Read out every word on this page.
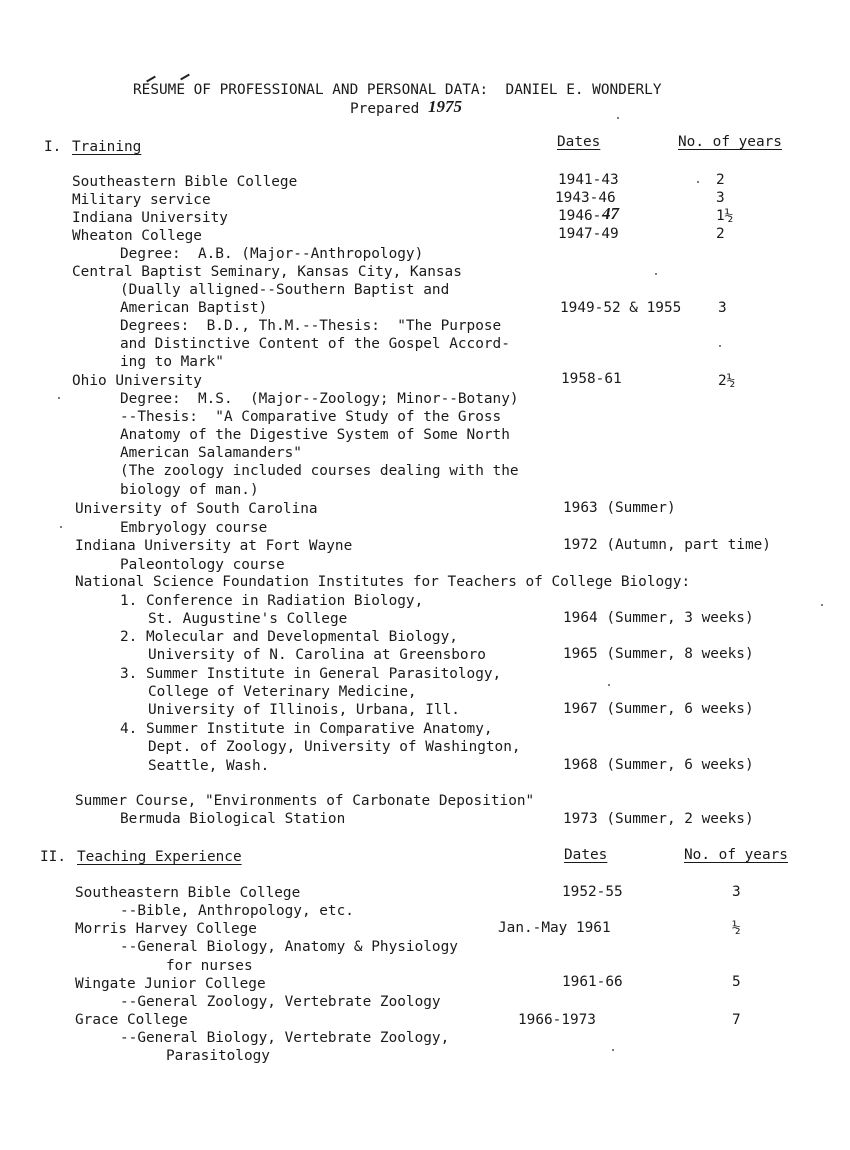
RESUME OF PROFESSIONAL AND PERSONAL DATA:  DANIEL E. WONDERLY
Prepared 1975
I. Training	Dates	No. of years
Southeastern Bible College	1941-43	2
Military service	1943-46	3
Indiana University	1946- 47	1½
Wheaton College	1947-49	2
Degree:  A.B. (Major--Anthropology)
Central Baptist Seminary, Kansas City, Kansas
(Dually alligned--Southern Baptist and
American Baptist)	1949-52 & 1955	3
Degrees:  B.D., Th.M.--Thesis:  "The Purpose
and Distinctive Content of the Gospel Accord-
ing to Mark"
Ohio University	1958-61	2½
Degree:  M.S.  (Major--Zoology; Minor--Botany)
--Thesis:  "A Comparative Study of the Gross
Anatomy of the Digestive System of Some North
American Salamanders"
(The zoology included courses dealing with the
biology of man.)
University of South Carolina	1963 (Summer)
Embryology course
Indiana University at Fort Wayne	1972 (Autumn, part time)
Paleontology course
National Science Foundation Institutes for Teachers of College Biology:
1. Conference in Radiation Biology,
St. Augustine's College	1964 (Summer, 3 weeks)
2. Molecular and Developmental Biology,
University of N. Carolina at Greensboro	1965 (Summer, 8 weeks)
3. Summer Institute in General Parasitology,
College of Veterinary Medicine,
University of Illinois, Urbana, Ill.	1967 (Summer, 6 weeks)
4. Summer Institute in Comparative Anatomy,
Dept. of Zoology, University of Washington,
Seattle, Wash.	1968 (Summer, 6 weeks)
Summer Course, "Environments of Carbonate Deposition"
Bermuda Biological Station	1973 (Summer, 2 weeks)
II. Teaching Experience	Dates	No. of years
Southeastern Bible College	1952-55	3
--Bible, Anthropology, etc.
Morris Harvey College	Jan.-May 1961	½
--General Biology, Anatomy & Physiology
for nurses
Wingate Junior College	1961-66	5
--General Zoology, Vertebrate Zoology
Grace College	1966-1973	7
--General Biology, Vertebrate Zoology,
Parasitology
